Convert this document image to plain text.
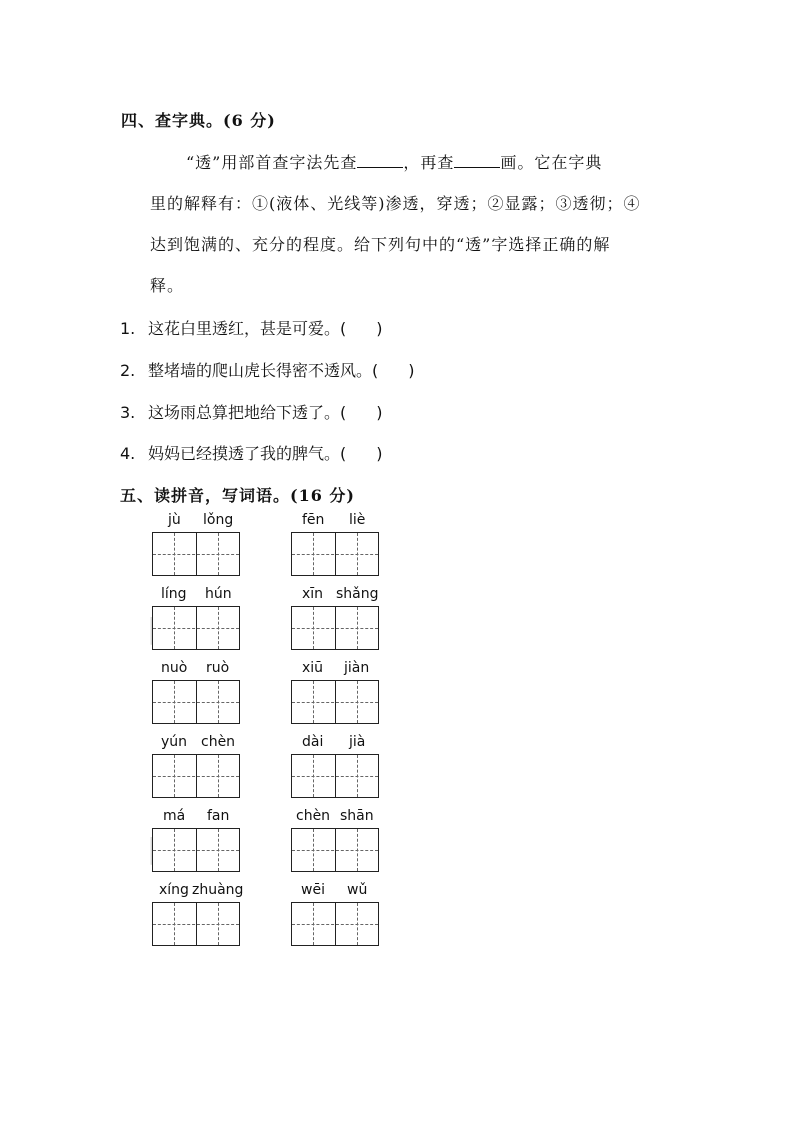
四、查字典。(6 分)
“透”用部首查字法先查	，再查	画。它在字典
里的解释有：①(液体、光线等)渗透，穿透；②显露；③透彻；④
达到饱满的、充分的程度。给下列句中的“透”字选择正确的解
释。
1. 这花白里透红，甚是可爱。( )
2. 整堵墙的爬山虎长得密不透风。( )
3. 这场雨总算把地给下透了。( )
4. 妈妈已经摸透了我的脾气。( )
五、读拼音，写词语。(16 分)
|
|
jù lǒng	fēn liè
líng hún	xīn shǎng
nuò ruò	xiū jiàn
yún chèn	dài jià
má fan	chèn shān
xíng zhuàng	wēi wǔ
